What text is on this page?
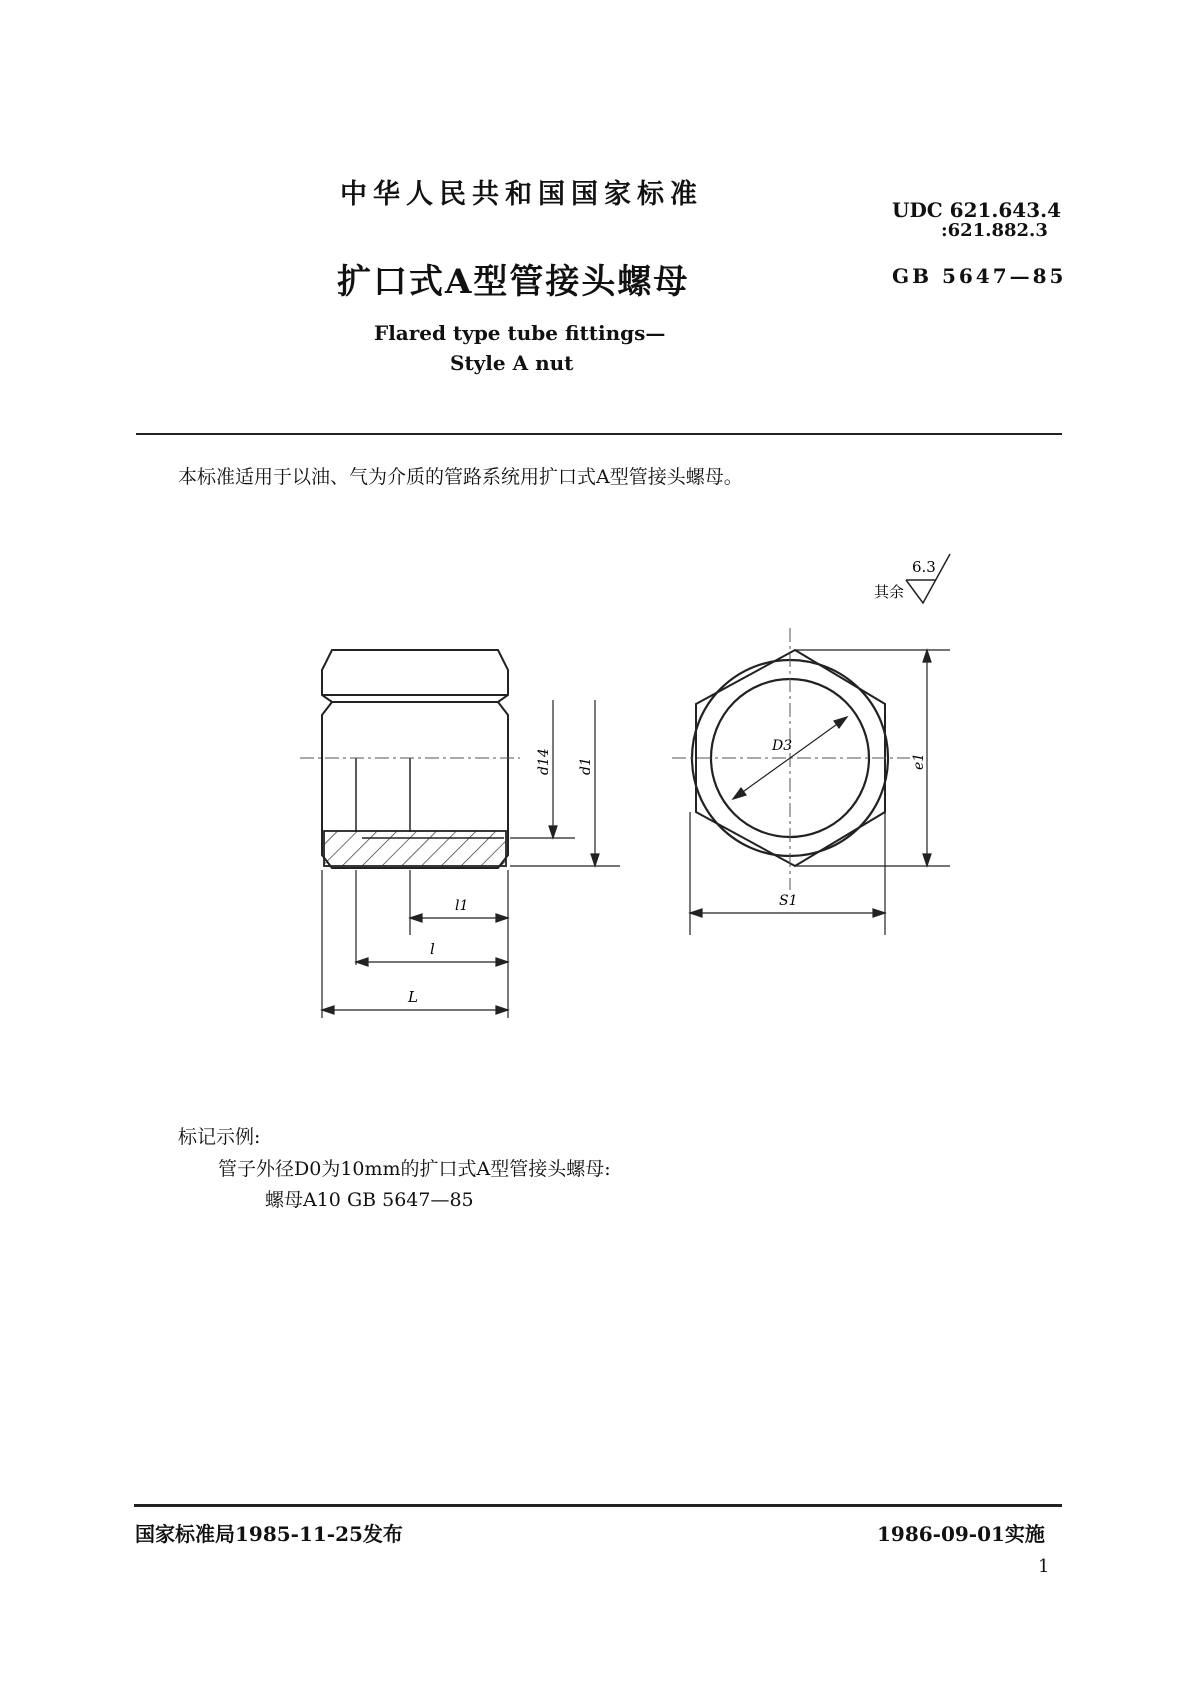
中华人民共和国国家标准	UDC 621.643.4
:621.882.3
扩口式A型管接头螺母	GB 5647—85
Flared type tube fittings—
Style A nut
本标准适用于以油、气为介质的管路系统用扩口式A型管接头螺母。
其余
6.3
d14 d1
l1
l
L
D3
e1
S1
标记示例:
管子外径D0为10mm的扩口式A型管接头螺母:
螺母A10 GB 5647—85
国家标准局1985-11-25发布	1986-09-01实施
1
